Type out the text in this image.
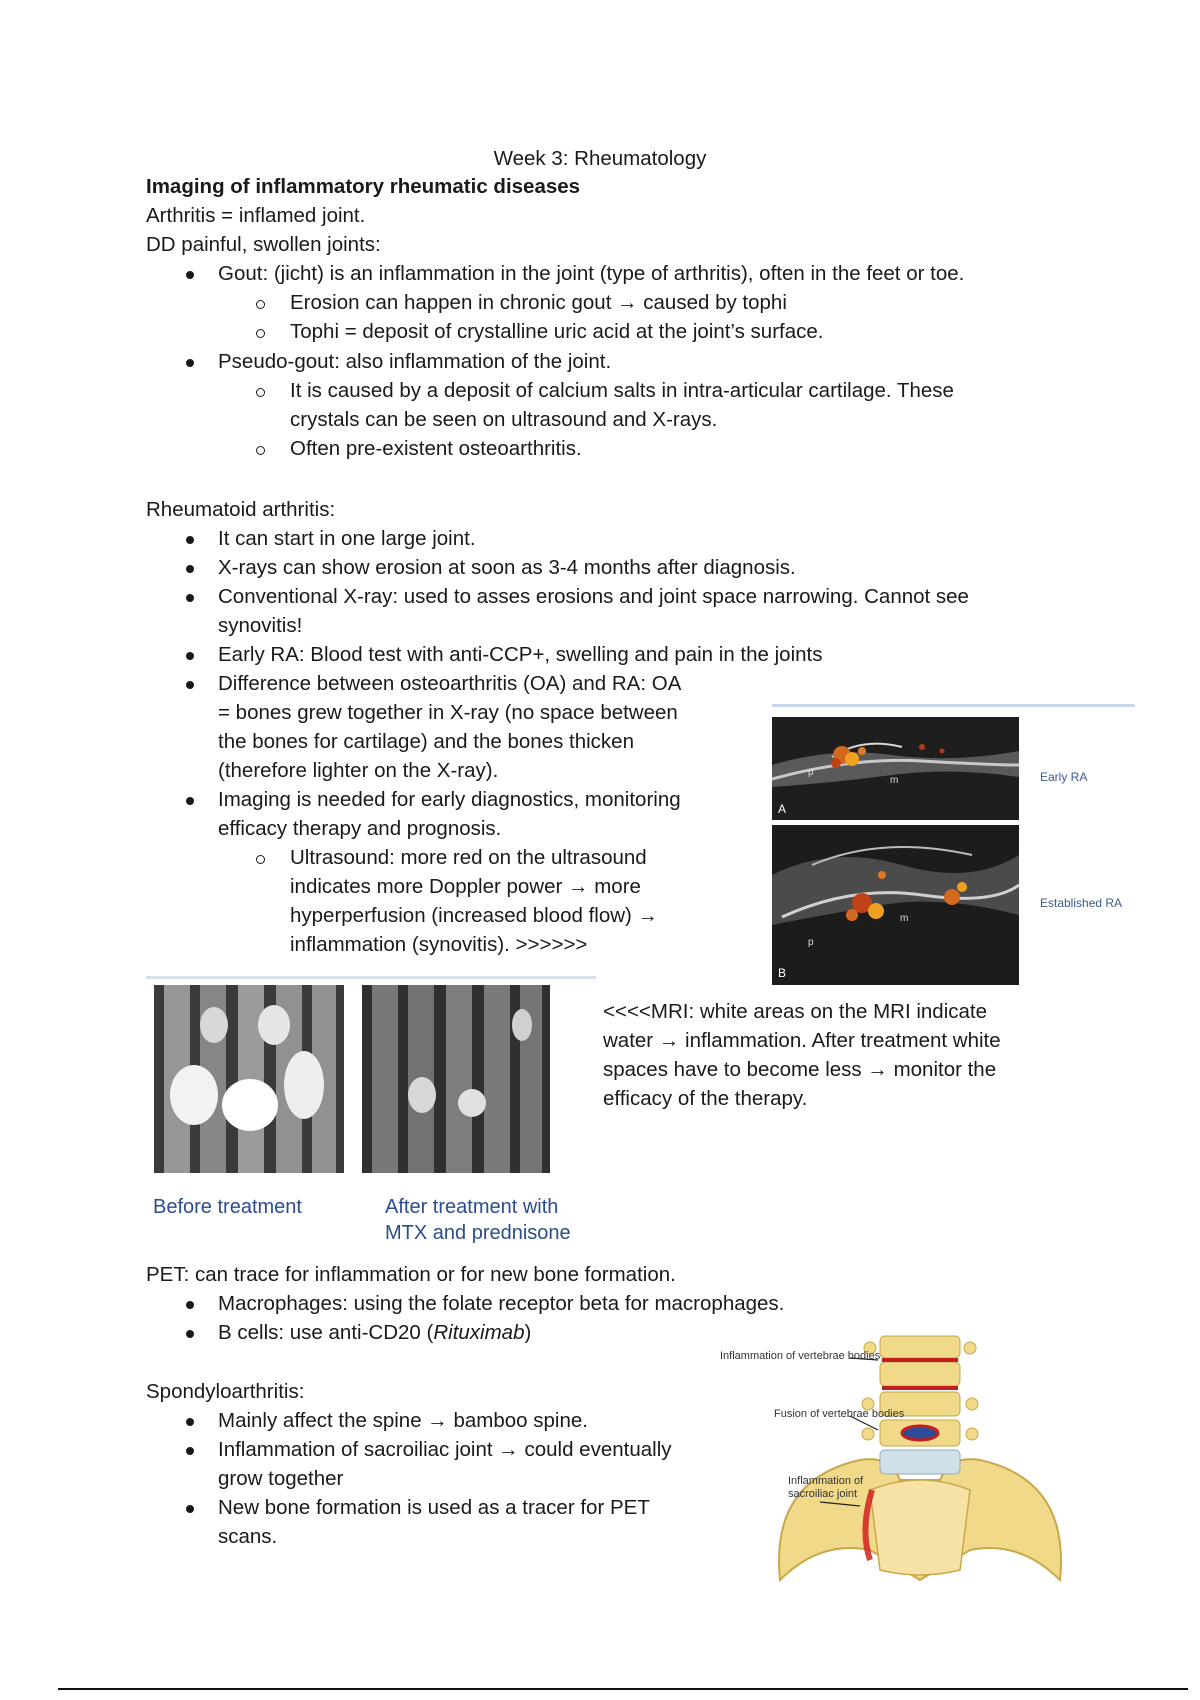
Week 3: Rheumatology
Imaging of inflammatory rheumatic diseases
Arthritis = inflamed joint.
DD painful, swollen joints:
Gout: (jicht) is an inflammation in the joint (type of arthritis), often in the feet or toe.
Erosion can happen in chronic gout → caused by tophi
Tophi = deposit of crystalline uric acid at the joint’s surface.
Pseudo-gout: also inflammation of the joint.
It is caused by a deposit of calcium salts in intra-articular cartilage. These
crystals can be seen on ultrasound and X-rays.
Often pre-existent osteoarthritis.
Rheumatoid arthritis:
It can start in one large joint.
X-rays can show erosion at soon as 3-4 months after diagnosis.
Conventional X-ray: used to asses erosions and joint space narrowing. Cannot see
synovitis!
Early RA: Blood test with anti-CCP+, swelling and pain in the joints
Difference between osteoarthritis (OA) and RA: OA
= bones grew together in X-ray (no space between
the bones for cartilage) and the bones thicken
(therefore lighter on the X-ray).
Imaging is needed for early diagnostics, monitoring
efficacy therapy and prognosis.
Ultrasound: more red on the ultrasound
indicates more Doppler power → more
hyperperfusion (increased blood flow) →
inflammation (synovitis). >>>>>>
A
m
p
B
m
p
Early RA
Established RA
Before treatment	After treatment with
MTX and prednisone
<<<<MRI: white areas on the MRI indicate
water → inflammation. After treatment white
spaces have to become less → monitor the
efficacy of the therapy.
PET: can trace for inflammation or for new bone formation.
Macrophages: using the folate receptor beta for macrophages.
B cells: use anti-CD20 (Rituximab)
Spondyloarthritis:
Mainly affect the spine → bamboo spine.
Inflammation of sacroiliac joint → could eventually
grow together
New bone formation is used as a tracer for PET
scans.
Inflammation of vertebrae bodies
Fusion of vertebrae bodies
Inflammation of
sacroiliac joint
